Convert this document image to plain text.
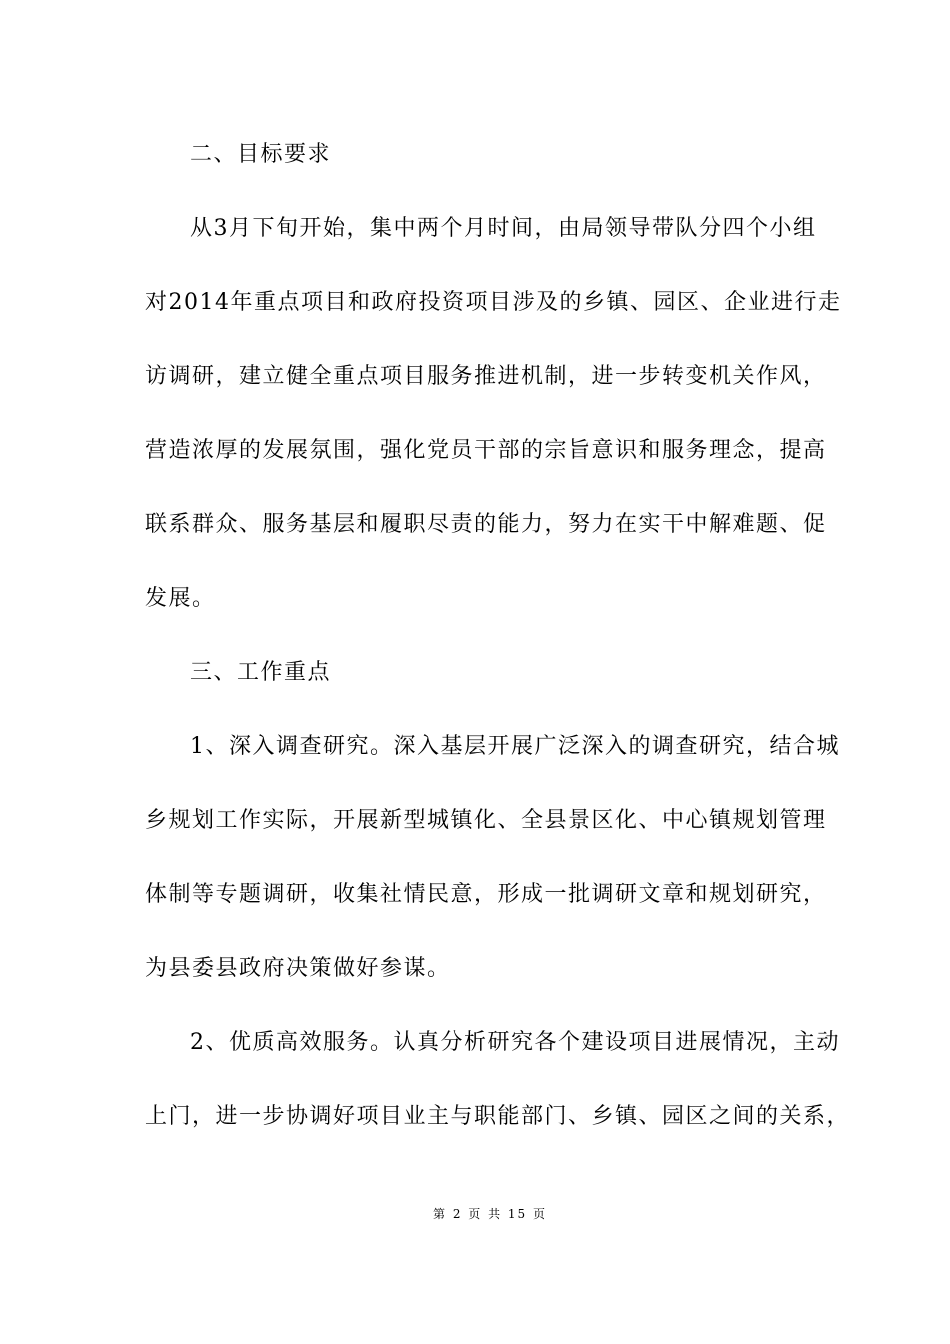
二、目标要求
从3月下旬开始，集中两个月时间，由局领导带队分四个小组
对2014年重点项目和政府投资项目涉及的乡镇、园区、企业进行走
访调研，建立健全重点项目服务推进机制，进一步转变机关作风，
营造浓厚的发展氛围，强化党员干部的宗旨意识和服务理念，提高
联系群众、服务基层和履职尽责的能力，努力在实干中解难题、促
发展。
三、工作重点
1、深入调查研究。深入基层开展广泛深入的调查研究，结合城
乡规划工作实际，开展新型城镇化、全县景区化、中心镇规划管理
体制等专题调研，收集社情民意，形成一批调研文章和规划研究，
为县委县政府决策做好参谋。
2、优质高效服务。认真分析研究各个建设项目进展情况，主动
上门，进一步协调好项目业主与职能部门、乡镇、园区之间的关系，
第 2 页 共 15 页
